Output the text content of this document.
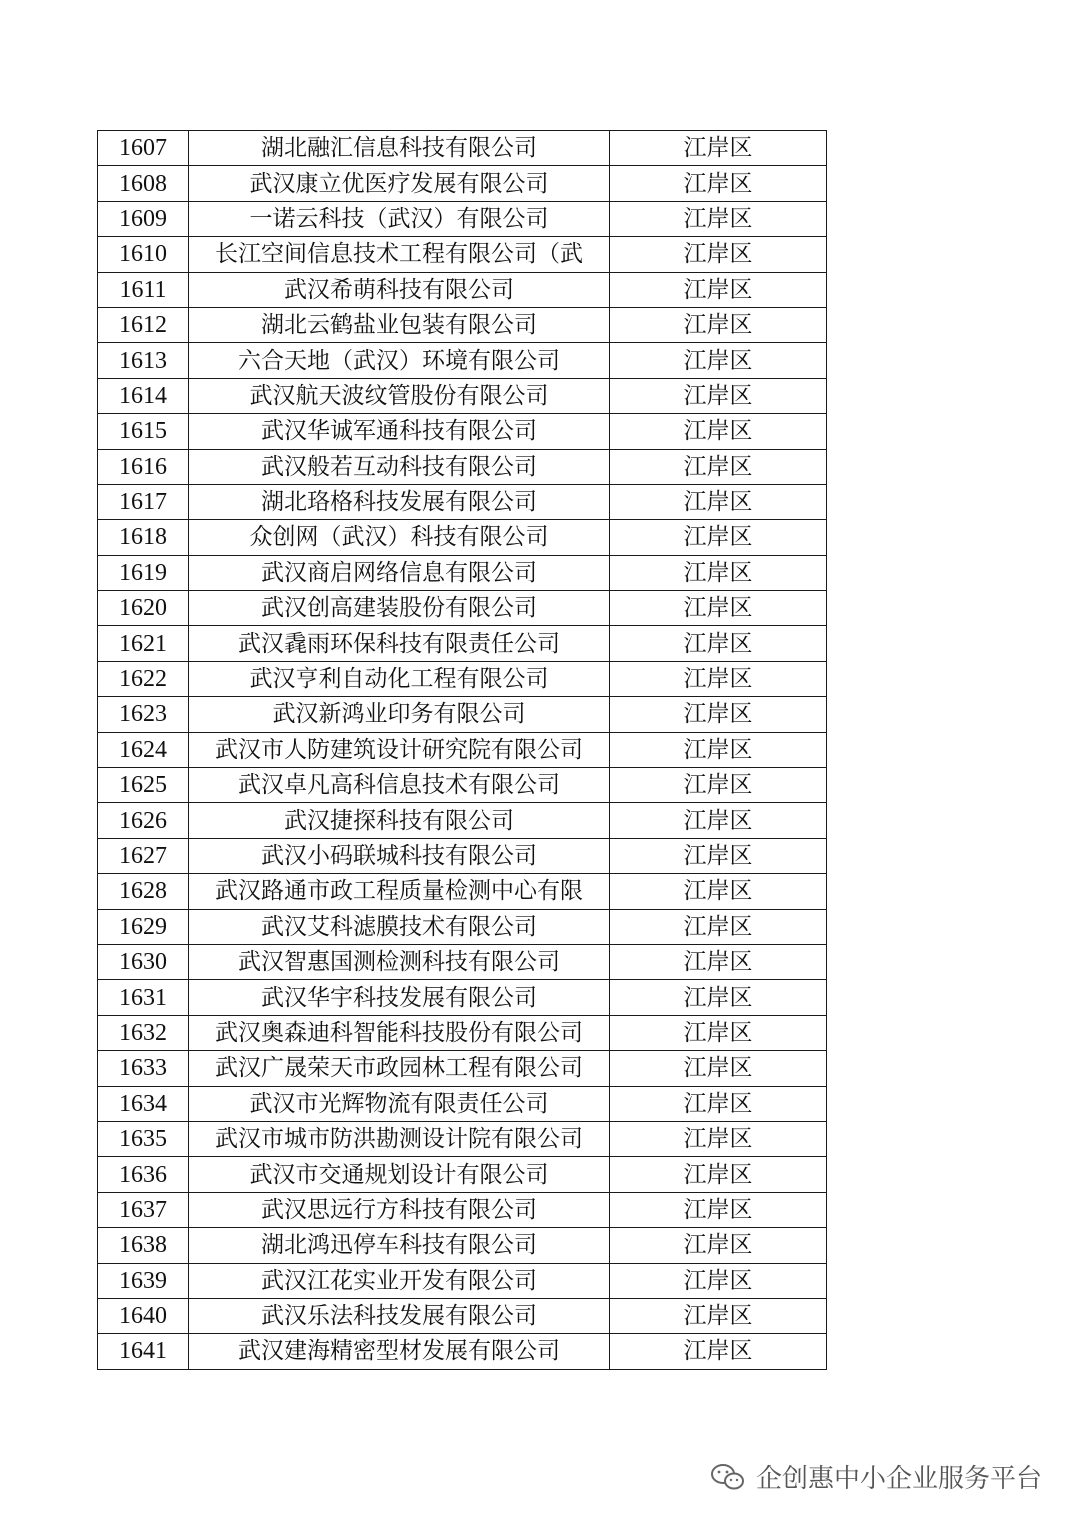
1607	湖北融汇信息科技有限公司	江岸区
1608	武汉康立优医疗发展有限公司	江岸区
1609	一诺云科技（武汉）有限公司	江岸区
1610	长江空间信息技术工程有限公司（武	江岸区
1611	武汉希萌科技有限公司	江岸区
1612	湖北云鹤盐业包装有限公司	江岸区
1613	六合天地（武汉）环境有限公司	江岸区
1614	武汉航天波纹管股份有限公司	江岸区
1615	武汉华诚军通科技有限公司	江岸区
1616	武汉般若互动科技有限公司	江岸区
1617	湖北珞格科技发展有限公司	江岸区
1618	众创网（武汉）科技有限公司	江岸区
1619	武汉商启网络信息有限公司	江岸区
1620	武汉创高建装股份有限公司	江岸区
1621	武汉毳雨环保科技有限责任公司	江岸区
1622	武汉亨利自动化工程有限公司	江岸区
1623	武汉新鸿业印务有限公司	江岸区
1624	武汉市人防建筑设计研究院有限公司	江岸区
1625	武汉卓凡高科信息技术有限公司	江岸区
1626	武汉捷探科技有限公司	江岸区
1627	武汉小码联城科技有限公司	江岸区
1628	武汉路通市政工程质量检测中心有限	江岸区
1629	武汉艾科滤膜技术有限公司	江岸区
1630	武汉智惠国测检测科技有限公司	江岸区
1631	武汉华宇科技发展有限公司	江岸区
1632	武汉奥森迪科智能科技股份有限公司	江岸区
1633	武汉广晟荣天市政园林工程有限公司	江岸区
1634	武汉市光辉物流有限责任公司	江岸区
1635	武汉市城市防洪勘测设计院有限公司	江岸区
1636	武汉市交通规划设计有限公司	江岸区
1637	武汉思远行方科技有限公司	江岸区
1638	湖北鸿迅停车科技有限公司	江岸区
1639	武汉江花实业开发有限公司	江岸区
1640	武汉乐法科技发展有限公司	江岸区
1641	武汉建海精密型材发展有限公司	江岸区
企创惠中小企业服务平台
